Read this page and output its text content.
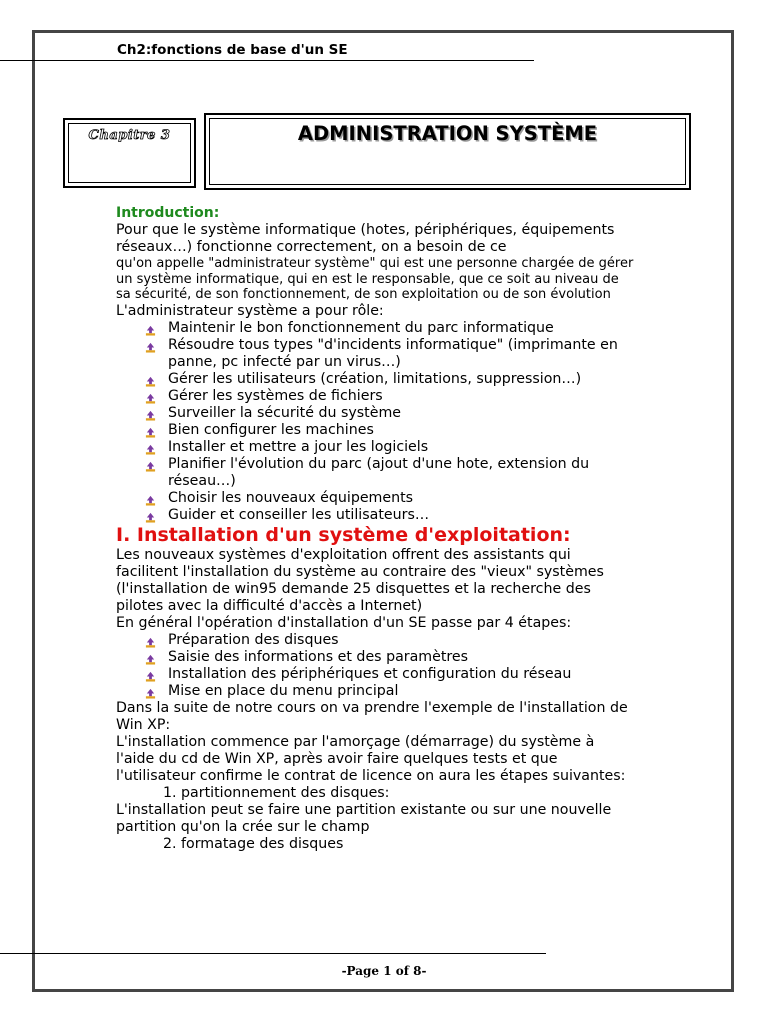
Ch2:fonctions de base d'un SE
Chapitre 3	ADMINISTRATION SYSTÈME
Introduction:
Pour que le système informatique (hotes, périphériques, équipements réseaux…) fonctionne correctement, on a besoin de ce
qu'on appelle "administrateur système" qui est une personne chargée de gérer un système informatique, qui en est le responsable, que ce soit au niveau de sa sécurité, de son fonctionnement, de son exploitation ou de son évolution
L'administrateur système a pour rôle:
Maintenir le bon fonctionnement du parc informatique
Résoudre tous types "d'incidents informatique" (imprimante en panne, pc infecté par un virus…)
Gérer les utilisateurs (création, limitations, suppression…)
Gérer les systèmes de fichiers
Surveiller la sécurité du système
Bien configurer les machines
Installer et mettre a jour les logiciels
Planifier l'évolution du parc (ajout d'une hote, extension du réseau…)
Choisir les nouveaux équipements
Guider et conseiller les utilisateurs…
I. Installation d'un système d'exploitation:
Les nouveaux systèmes d'exploitation offrent des assistants qui facilitent l'installation du système au contraire des "vieux" systèmes (l'installation de win95 demande 25 disquettes et la recherche des pilotes avec la difficulté d'accès a Internet)
En général l'opération d'installation d'un SE passe par 4 étapes:
Préparation des disques
Saisie des informations et des paramètres
Installation des périphériques et configuration du réseau
Mise en place du menu principal
Dans la suite de notre cours on va prendre l'exemple de l'installation de Win XP:
L'installation commence par l'amorçage (démarrage) du système à l'aide du cd de Win XP, après avoir faire quelques tests et que l'utilisateur confirme le contrat de licence on aura les étapes suivantes:
1. partitionnement des disques:
L'installation peut se faire une partition existante ou sur une nouvelle partition qu'on la crée sur le champ
2. formatage des disques
-Page 1 of 8-
